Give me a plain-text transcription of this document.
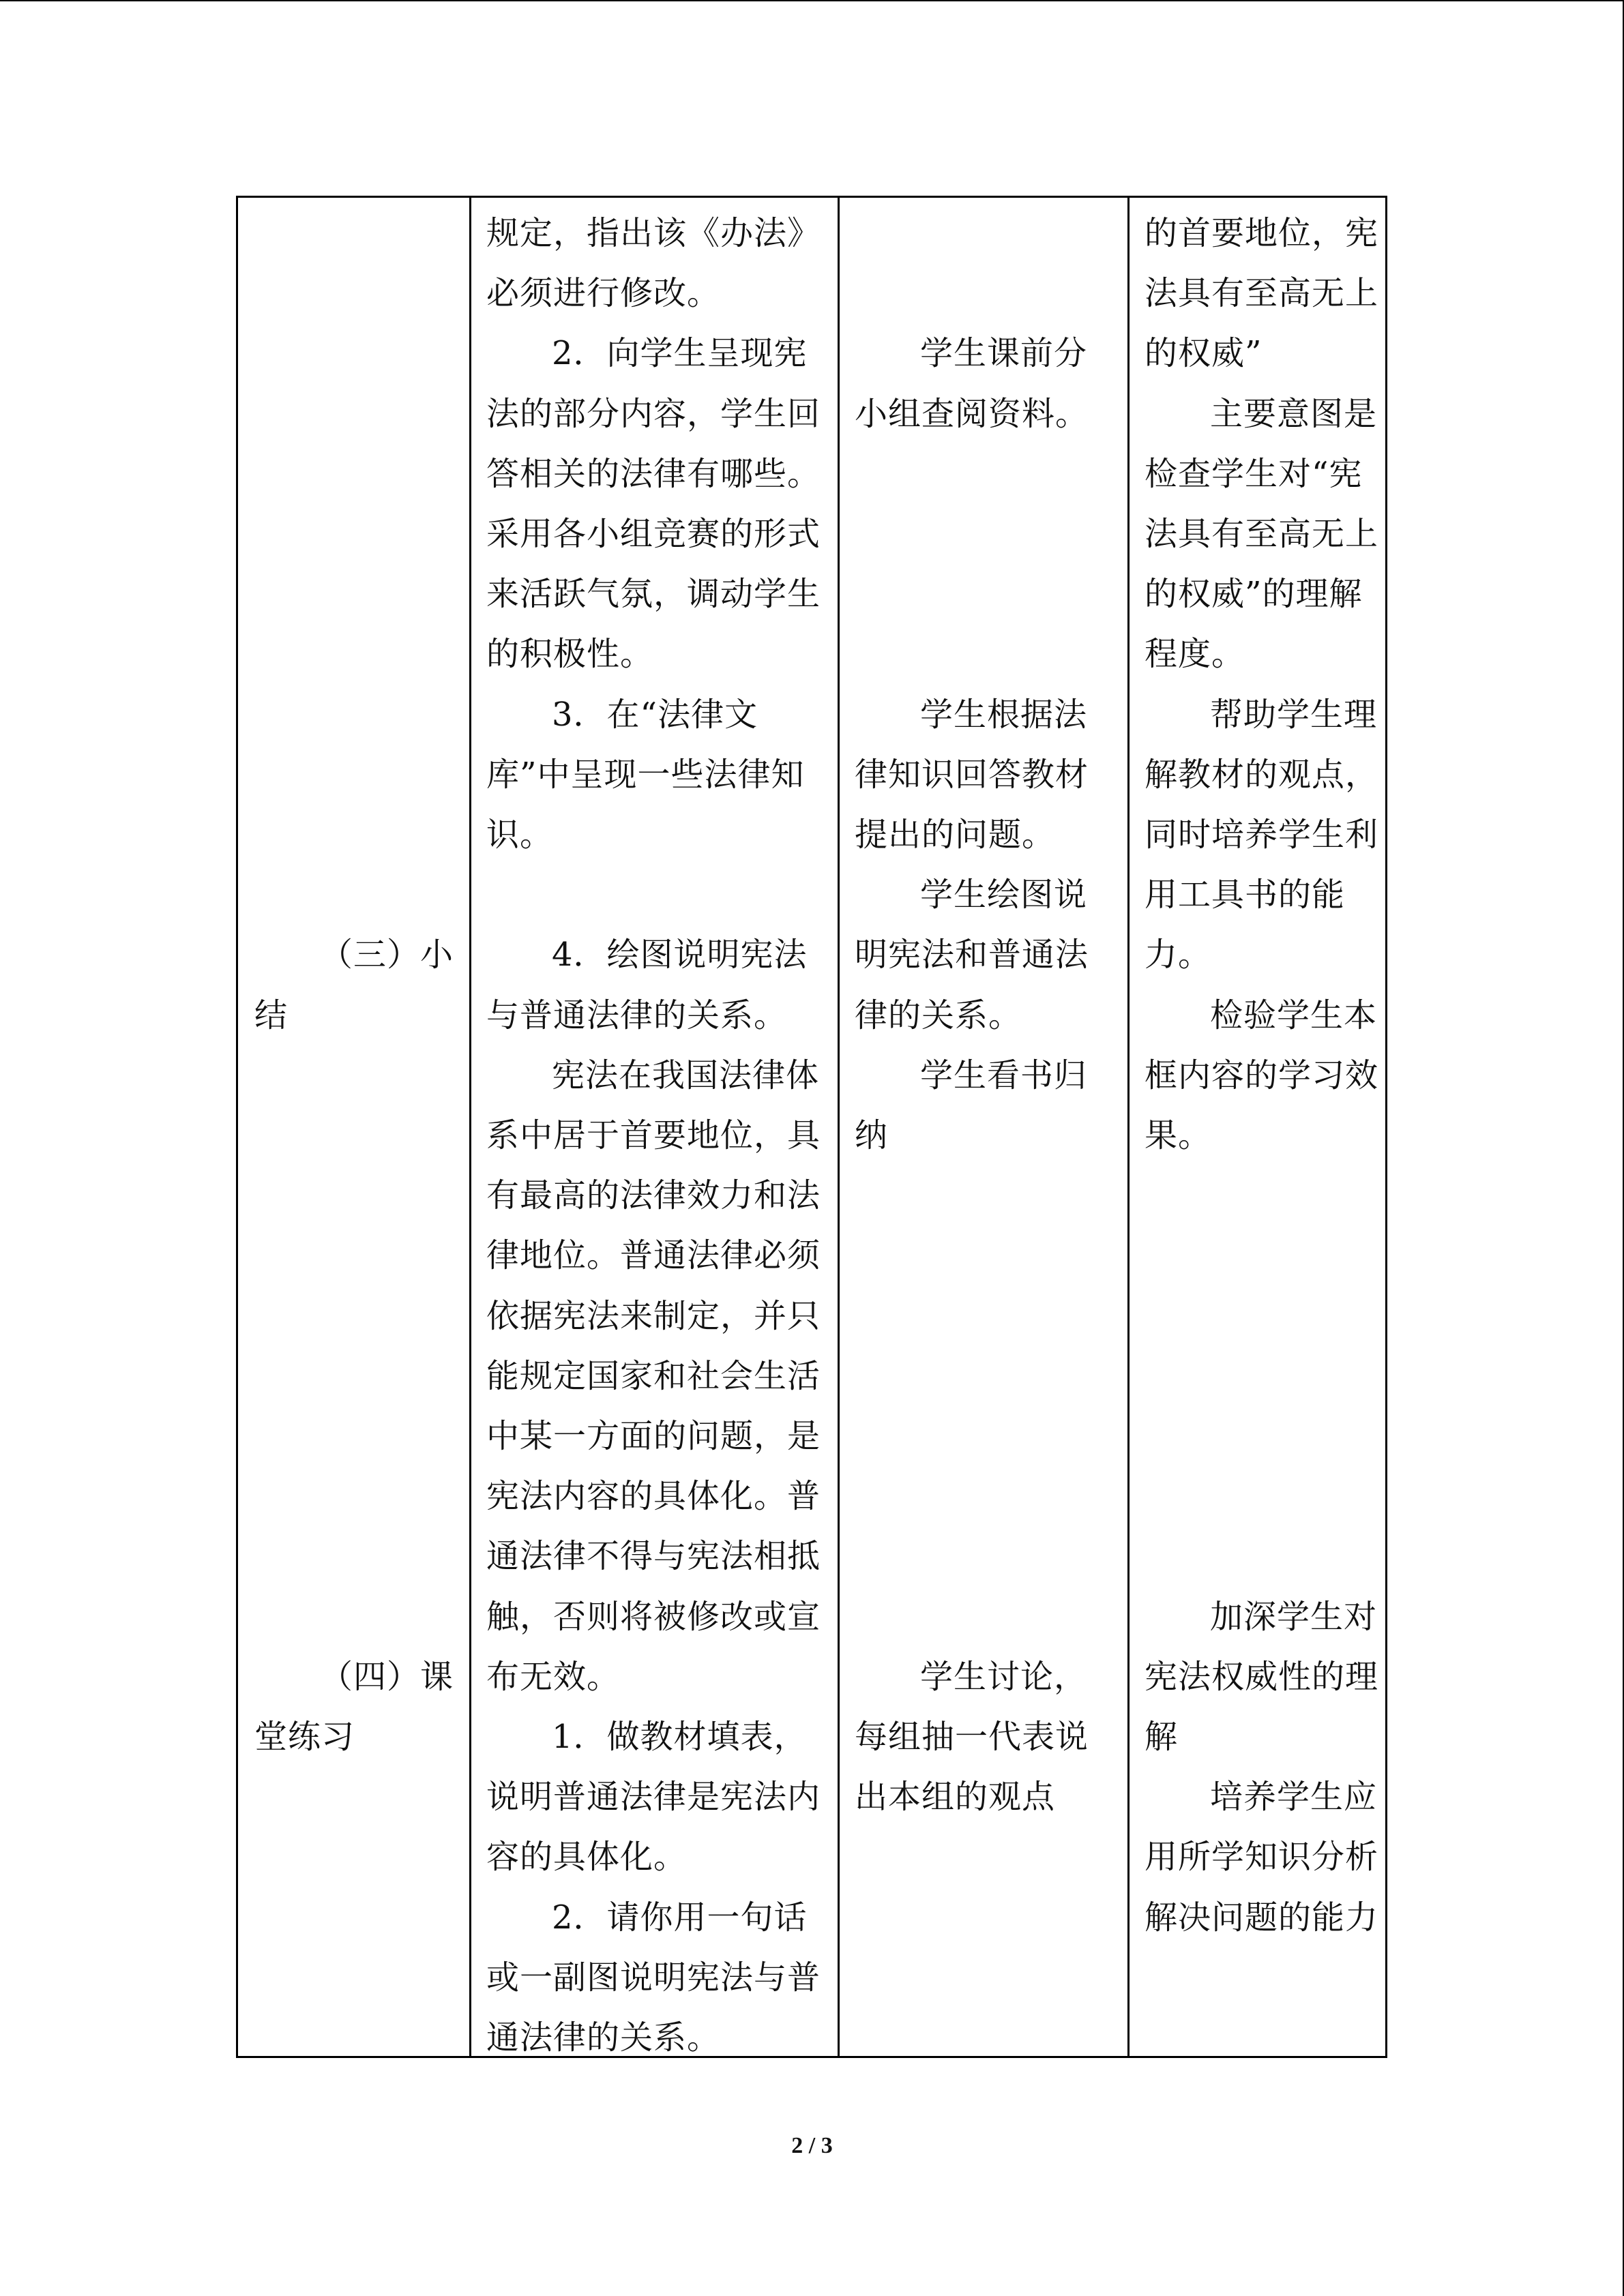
（三）小
结
（四）课
堂练习
规定，指出该《办法》
必须进行修改。
2．向学生呈现宪
法的部分内容，学生回
答相关的法律有哪些。
采用各小组竞赛的形式
来活跃气氛，调动学生
的积极性。
3．在“法律文
库”中呈现一些法律知
识。
4．绘图说明宪法
与普通法律的关系。
宪法在我国法律体
系中居于首要地位，具
有最高的法律效力和法
律地位。普通法律必须
依据宪法来制定，并只
能规定国家和社会生活
中某一方面的问题，是
宪法内容的具体化。普
通法律不得与宪法相抵
触，否则将被修改或宣
布无效。
1．做教材填表，
说明普通法律是宪法内
容的具体化。
2．请你用一句话
或一副图说明宪法与普
通法律的关系。
学生课前分
小组查阅资料。
学生根据法
律知识回答教材
提出的问题。
学生绘图说
明宪法和普通法
律的关系。
学生看书归
纳
学生讨论，
每组抽一代表说
出本组的观点
的首要地位，宪
法具有至高无上
的权威”
主要意图是
检查学生对“宪
法具有至高无上
的权威”的理解
程度。
帮助学生理
解教材的观点，
同时培养学生利
用工具书的能
力。
检验学生本
框内容的学习效
果。
加深学生对
宪法权威性的理
解
培养学生应
用所学知识分析
解决问题的能力
2 / 3
